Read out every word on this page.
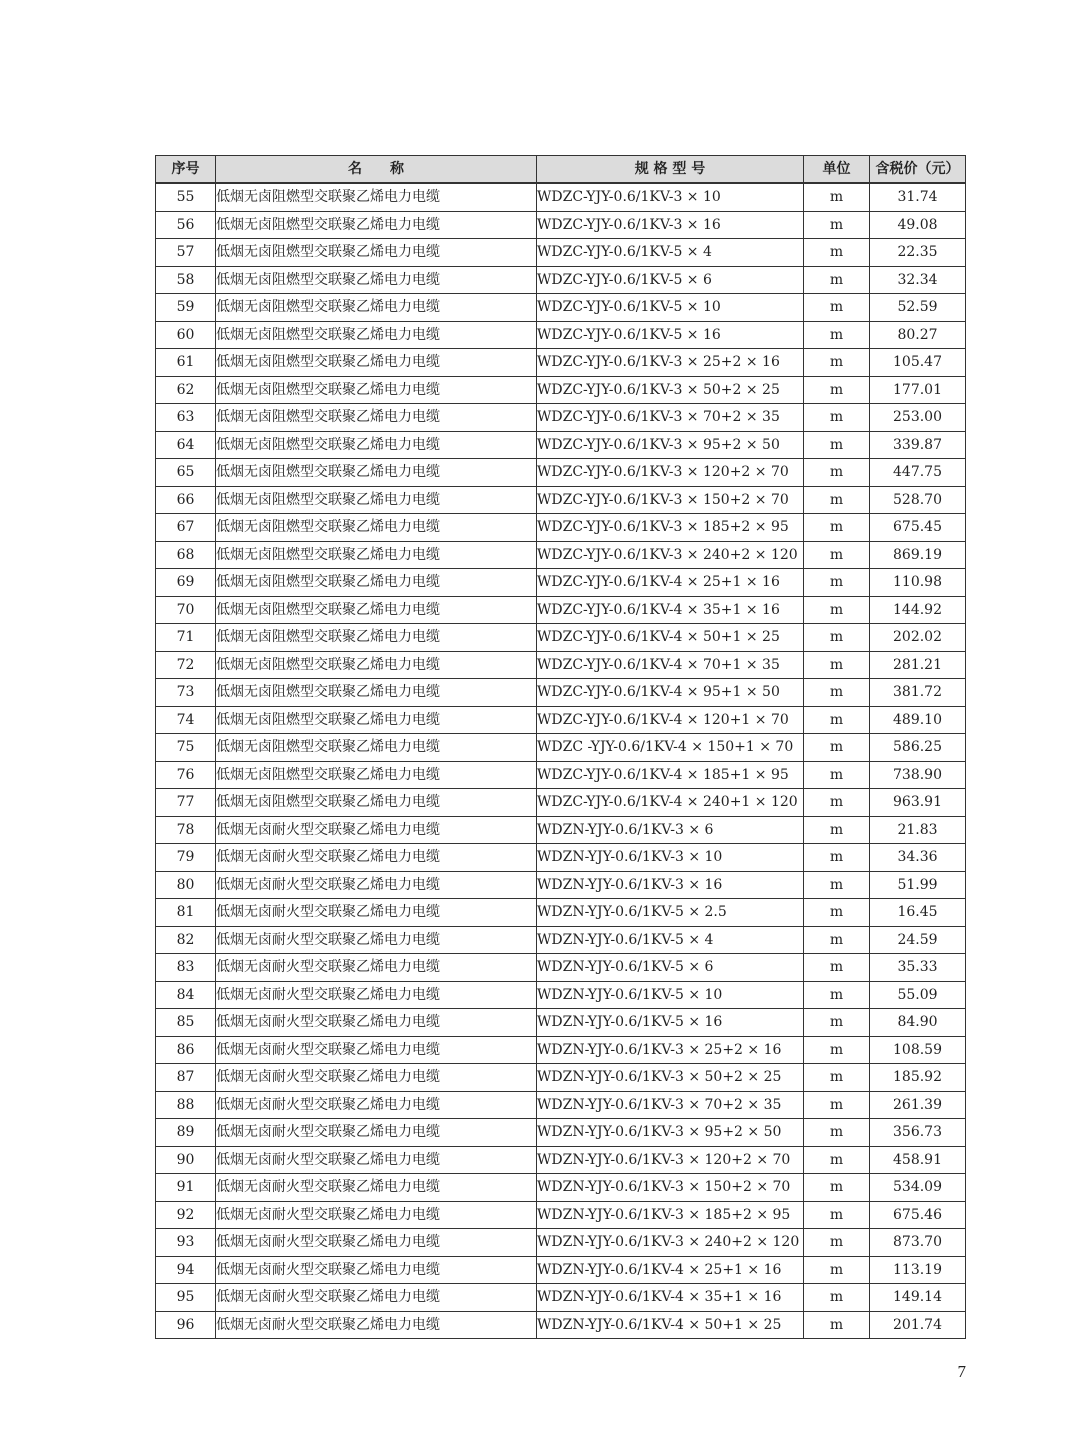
序号	名　　称	规 格 型 号	单位	含税价（元）
55	低烟无卤阻燃型交联聚乙烯电力电缆	WDZC-YJY-0.6/1KV-3 × 10	m	31.74
56	低烟无卤阻燃型交联聚乙烯电力电缆	WDZC-YJY-0.6/1KV-3 × 16	m	49.08
57	低烟无卤阻燃型交联聚乙烯电力电缆	WDZC-YJY-0.6/1KV-5 × 4	m	22.35
58	低烟无卤阻燃型交联聚乙烯电力电缆	WDZC-YJY-0.6/1KV-5 × 6	m	32.34
59	低烟无卤阻燃型交联聚乙烯电力电缆	WDZC-YJY-0.6/1KV-5 × 10	m	52.59
60	低烟无卤阻燃型交联聚乙烯电力电缆	WDZC-YJY-0.6/1KV-5 × 16	m	80.27
61	低烟无卤阻燃型交联聚乙烯电力电缆	WDZC-YJY-0.6/1KV-3 × 25+2 × 16	m	105.47
62	低烟无卤阻燃型交联聚乙烯电力电缆	WDZC-YJY-0.6/1KV-3 × 50+2 × 25	m	177.01
63	低烟无卤阻燃型交联聚乙烯电力电缆	WDZC-YJY-0.6/1KV-3 × 70+2 × 35	m	253.00
64	低烟无卤阻燃型交联聚乙烯电力电缆	WDZC-YJY-0.6/1KV-3 × 95+2 × 50	m	339.87
65	低烟无卤阻燃型交联聚乙烯电力电缆	WDZC-YJY-0.6/1KV-3 × 120+2 × 70	m	447.75
66	低烟无卤阻燃型交联聚乙烯电力电缆	WDZC-YJY-0.6/1KV-3 × 150+2 × 70	m	528.70
67	低烟无卤阻燃型交联聚乙烯电力电缆	WDZC-YJY-0.6/1KV-3 × 185+2 × 95	m	675.45
68	低烟无卤阻燃型交联聚乙烯电力电缆	WDZC-YJY-0.6/1KV-3 × 240+2 × 120	m	869.19
69	低烟无卤阻燃型交联聚乙烯电力电缆	WDZC-YJY-0.6/1KV-4 × 25+1 × 16	m	110.98
70	低烟无卤阻燃型交联聚乙烯电力电缆	WDZC-YJY-0.6/1KV-4 × 35+1 × 16	m	144.92
71	低烟无卤阻燃型交联聚乙烯电力电缆	WDZC-YJY-0.6/1KV-4 × 50+1 × 25	m	202.02
72	低烟无卤阻燃型交联聚乙烯电力电缆	WDZC-YJY-0.6/1KV-4 × 70+1 × 35	m	281.21
73	低烟无卤阻燃型交联聚乙烯电力电缆	WDZC-YJY-0.6/1KV-4 × 95+1 × 50	m	381.72
74	低烟无卤阻燃型交联聚乙烯电力电缆	WDZC-YJY-0.6/1KV-4 × 120+1 × 70	m	489.10
75	低烟无卤阻燃型交联聚乙烯电力电缆	WDZC -YJY-0.6/1KV-4 × 150+1 × 70	m	586.25
76	低烟无卤阻燃型交联聚乙烯电力电缆	WDZC-YJY-0.6/1KV-4 × 185+1 × 95	m	738.90
77	低烟无卤阻燃型交联聚乙烯电力电缆	WDZC-YJY-0.6/1KV-4 × 240+1 × 120	m	963.91
78	低烟无卤耐火型交联聚乙烯电力电缆	WDZN-YJY-0.6/1KV-3 × 6	m	21.83
79	低烟无卤耐火型交联聚乙烯电力电缆	WDZN-YJY-0.6/1KV-3 × 10	m	34.36
80	低烟无卤耐火型交联聚乙烯电力电缆	WDZN-YJY-0.6/1KV-3 × 16	m	51.99
81	低烟无卤耐火型交联聚乙烯电力电缆	WDZN-YJY-0.6/1KV-5 × 2.5	m	16.45
82	低烟无卤耐火型交联聚乙烯电力电缆	WDZN-YJY-0.6/1KV-5 × 4	m	24.59
83	低烟无卤耐火型交联聚乙烯电力电缆	WDZN-YJY-0.6/1KV-5 × 6	m	35.33
84	低烟无卤耐火型交联聚乙烯电力电缆	WDZN-YJY-0.6/1KV-5 × 10	m	55.09
85	低烟无卤耐火型交联聚乙烯电力电缆	WDZN-YJY-0.6/1KV-5 × 16	m	84.90
86	低烟无卤耐火型交联聚乙烯电力电缆	WDZN-YJY-0.6/1KV-3 × 25+2 × 16	m	108.59
87	低烟无卤耐火型交联聚乙烯电力电缆	WDZN-YJY-0.6/1KV-3 × 50+2 × 25	m	185.92
88	低烟无卤耐火型交联聚乙烯电力电缆	WDZN-YJY-0.6/1KV-3 × 70+2 × 35	m	261.39
89	低烟无卤耐火型交联聚乙烯电力电缆	WDZN-YJY-0.6/1KV-3 × 95+2 × 50	m	356.73
90	低烟无卤耐火型交联聚乙烯电力电缆	WDZN-YJY-0.6/1KV-3 × 120+2 × 70	m	458.91
91	低烟无卤耐火型交联聚乙烯电力电缆	WDZN-YJY-0.6/1KV-3 × 150+2 × 70	m	534.09
92	低烟无卤耐火型交联聚乙烯电力电缆	WDZN-YJY-0.6/1KV-3 × 185+2 × 95	m	675.46
93	低烟无卤耐火型交联聚乙烯电力电缆	WDZN-YJY-0.6/1KV-3 × 240+2 × 120	m	873.70
94	低烟无卤耐火型交联聚乙烯电力电缆	WDZN-YJY-0.6/1KV-4 × 25+1 × 16	m	113.19
95	低烟无卤耐火型交联聚乙烯电力电缆	WDZN-YJY-0.6/1KV-4 × 35+1 × 16	m	149.14
96	低烟无卤耐火型交联聚乙烯电力电缆	WDZN-YJY-0.6/1KV-4 × 50+1 × 25	m	201.74
7
